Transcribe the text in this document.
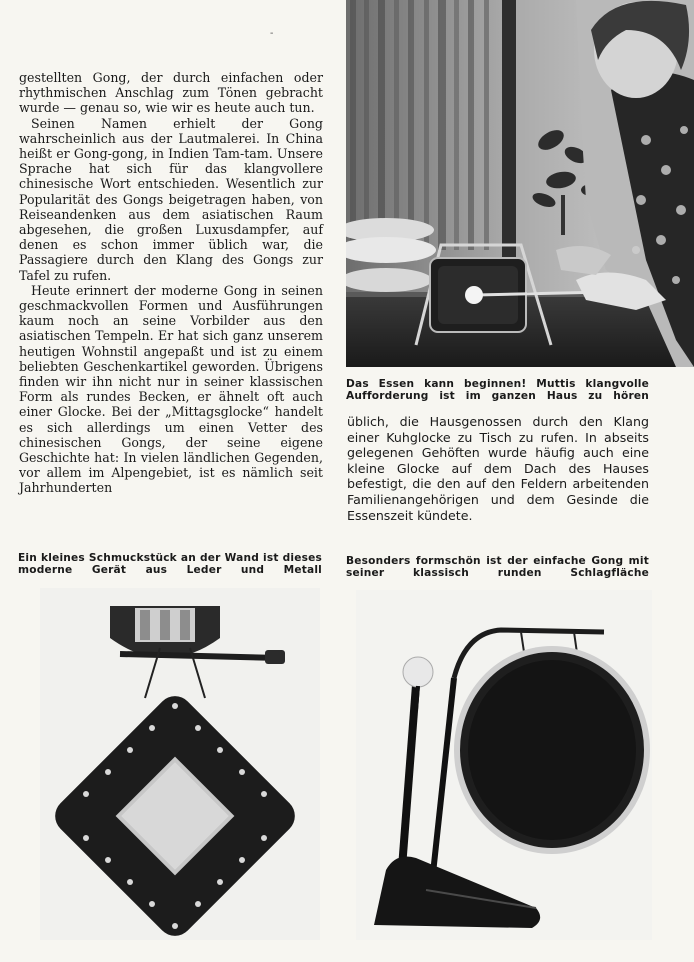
Das Essen kann beginnen! Muttis klangvolle Aufforderung ist im ganzen Haus zu hören

gestellten Gong, der durch einfachen oder rhythmischen Anschlag zum Tönen gebracht wurde — genau so, wie wir es heute auch tun.

Seinen Namen erhielt der Gong wahrscheinlich aus der Lautmalerei. In China heißt er Gong-gong, in Indien Tam-tam. Unsere Sprache hat sich für das klangvollere chinesische Wort entschieden. Wesentlich zur Popularität des Gongs beigetragen haben, von Reiseandenken aus dem asiatischen Raum abgesehen, die großen Luxusdampfer, auf denen es schon immer üblich war, die Passagiere durch den Klang des Gongs zur Tafel zu rufen.

Heute erinnert der moderne Gong in seinen geschmackvollen Formen und Ausführungen kaum noch an seine Vorbilder aus den asiatischen Tempeln. Er hat sich ganz unserem heutigen Wohnstil angepaßt und ist zu einem beliebten Geschenkartikel geworden. Übrigens finden wir ihn nicht nur in seiner klassischen Form als rundes Becken, er ähnelt oft auch einer Glocke. Bei der „Mittagsglocke“ handelt es sich allerdings um einen Vetter des chinesischen Gongs, der seine eigene Geschichte hat: In vielen ländlichen Gegenden, vor allem im Alpengebiet, ist es nämlich seit Jahrhunderten

üblich, die Hausgenossen durch den Klang einer Kuhglocke zu Tisch zu rufen. In abseits gelegenen Gehöften wurde häufig auch eine kleine Glocke auf dem Dach des Hauses befestigt, die den auf den Feldern arbeitenden Familienangehörigen und dem Gesinde die Essenszeit kündete.

Ein kleines Schmuckstück an der Wand ist dieses moderne Gerät aus Leder und Metall
Besonders formschön ist der einfache Gong mit seiner klassisch runden Schlagfläche
-
